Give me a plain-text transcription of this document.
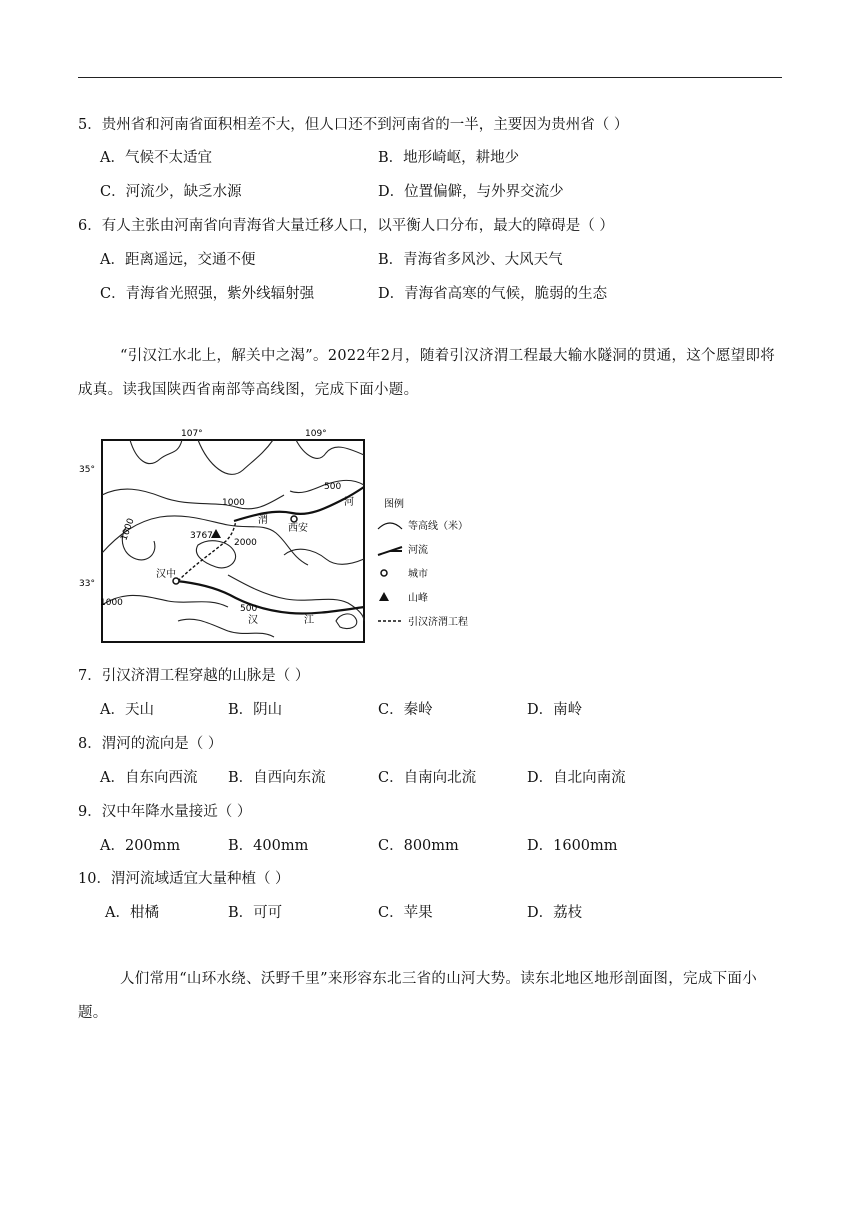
5．贵州省和河南省面积相差不大，但人口还不到河南省的一半，主要因为贵州省（ ）
A．气候不太适宜	B．地形崎岖，耕地少
C．河流少，缺乏水源	D．位置偏僻，与外界交流少
6．有人主张由河南省向青海省大量迁移人口，以平衡人口分布，最大的障碍是（ ）
A．距离遥远，交通不便	B．青海省多风沙、大风天气
C．青海省光照强，紫外线辐射强	D．青海省高寒的气候，脆弱的生态
“引汉江水北上，解关中之渴”。2022年2月，随着引汉济渭工程最大输水隧洞的贯通，这个愿望即将成真。读我国陕西省南部等高线图，完成下面小题。
107°	109°
35°
33°
1000
500
1000
2000
1000
500
3767
西安
汉中
渭
河
汉	江
图例
等高线（米）
河流
城市
山峰
引汉济渭工程
7．引汉济渭工程穿越的山脉是（ ）
A．天山	B．阴山	C．秦岭	D．南岭
8．渭河的流向是（ ）
A．自东向西流 B．自西向东流	C．自南向北流	D．自北向南流
9．汉中年降水量接近（ ）
A．200mm	B．400mm	C．800mm	D．1600mm
10．渭河流域适宜大量种植（ ）
A．柑橘	B．可可	C．苹果	D．荔枝
人们常用“山环水绕、沃野千里”来形容东北三省的山河大势。读东北地区地形剖面图，完成下面小题。
